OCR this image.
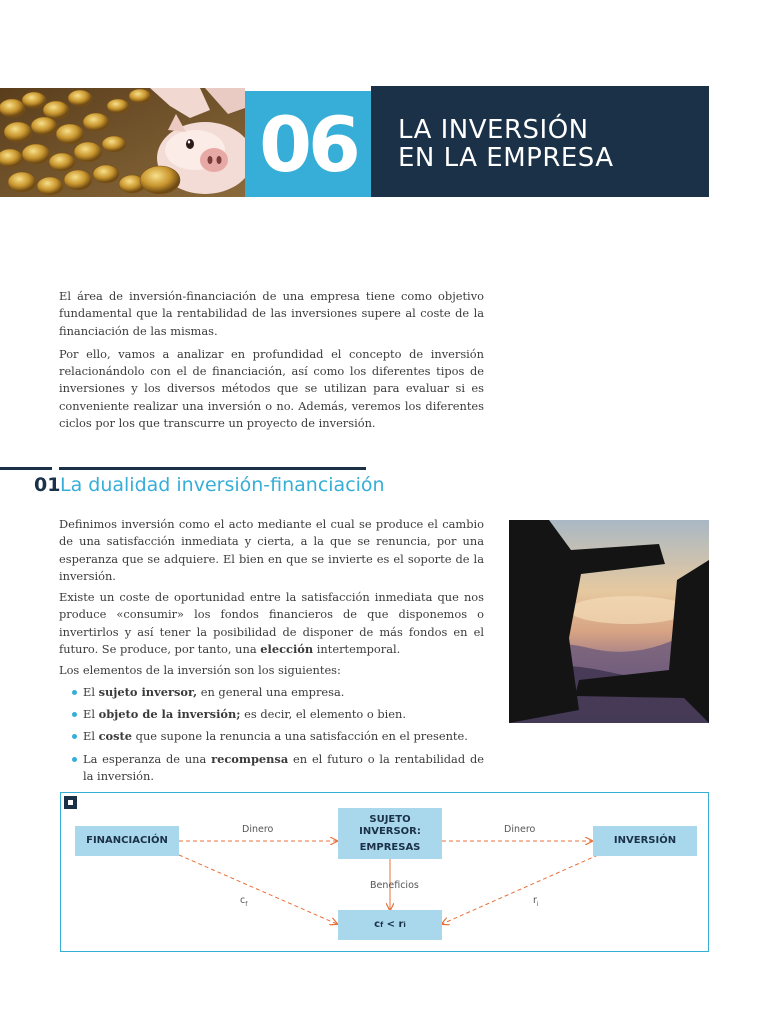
06	LA INVERSIÓN
EN LA EMPRESA

El área de inversión-financiación de una empresa tiene como objetivo fundamental que la rentabilidad de las inversiones supere al coste de la financiación de las mismas.

Por ello, vamos a analizar en profundidad el concepto de inversión relacionándolo con el de financiación, así como los diferentes tipos de inversiones y los diversos métodos que se utilizan para evaluar si es conveniente realizar una inversión o no. Además, veremos los diferentes ciclos por los que transcurre un proyecto de inversión.

01 La dualidad inversión-financiación

Definimos inversión como el acto mediante el cual se produce el cambio de una satisfacción inmediata y cierta, a la que se renuncia, por una esperanza que se adquiere. El bien en que se invierte es el soporte de la inversión.

Existe un coste de oportunidad entre la satisfacción inmediata que nos produce «consumir» los fondos financieros de que disponemos o invertirlos y así tener la posibilidad de disponer de más fondos en el futuro. Se produce, por tanto, una elección intertemporal.

Los elementos de la inversión son los siguientes:

El sujeto inversor, en general una empresa.
El objeto de la inversión; es decir, el elemento o bien.
El coste que supone la renuncia a una satisfacción en el presente.
La esperanza de una recompensa en el futuro o la rentabilidad de la inversión.
FINANCIACIÓN
SUJETO
INVERSOR:
EMPRESAS
INVERSIÓN
c f < r i
Dinero	Dinero
Beneficios
$c_f$	$r_i$
